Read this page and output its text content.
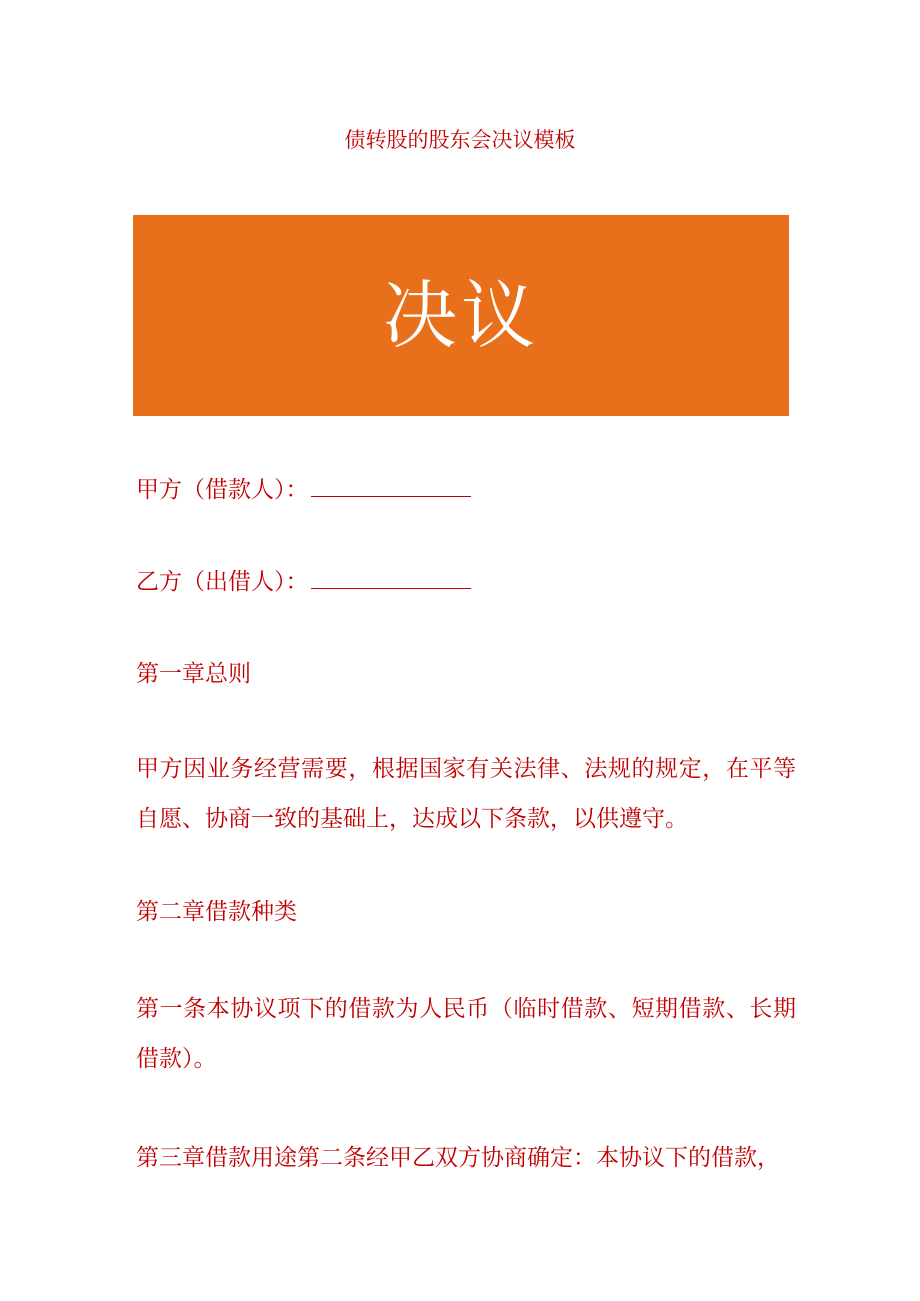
债转股的股东会决议模板
决议
甲方（借款人）：
乙方（出借人）：
第一章总则
甲方因业务经营需要，根据国家有关法律、法规的规定，在平等自愿、协商一致的基础上，达成以下条款，以供遵守。
第二章借款种类
第一条本协议项下的借款为人民币（临时借款、短期借款、长期借款）。
第三章借款用途第二条经甲乙双方协商确定：本协议下的借款，
